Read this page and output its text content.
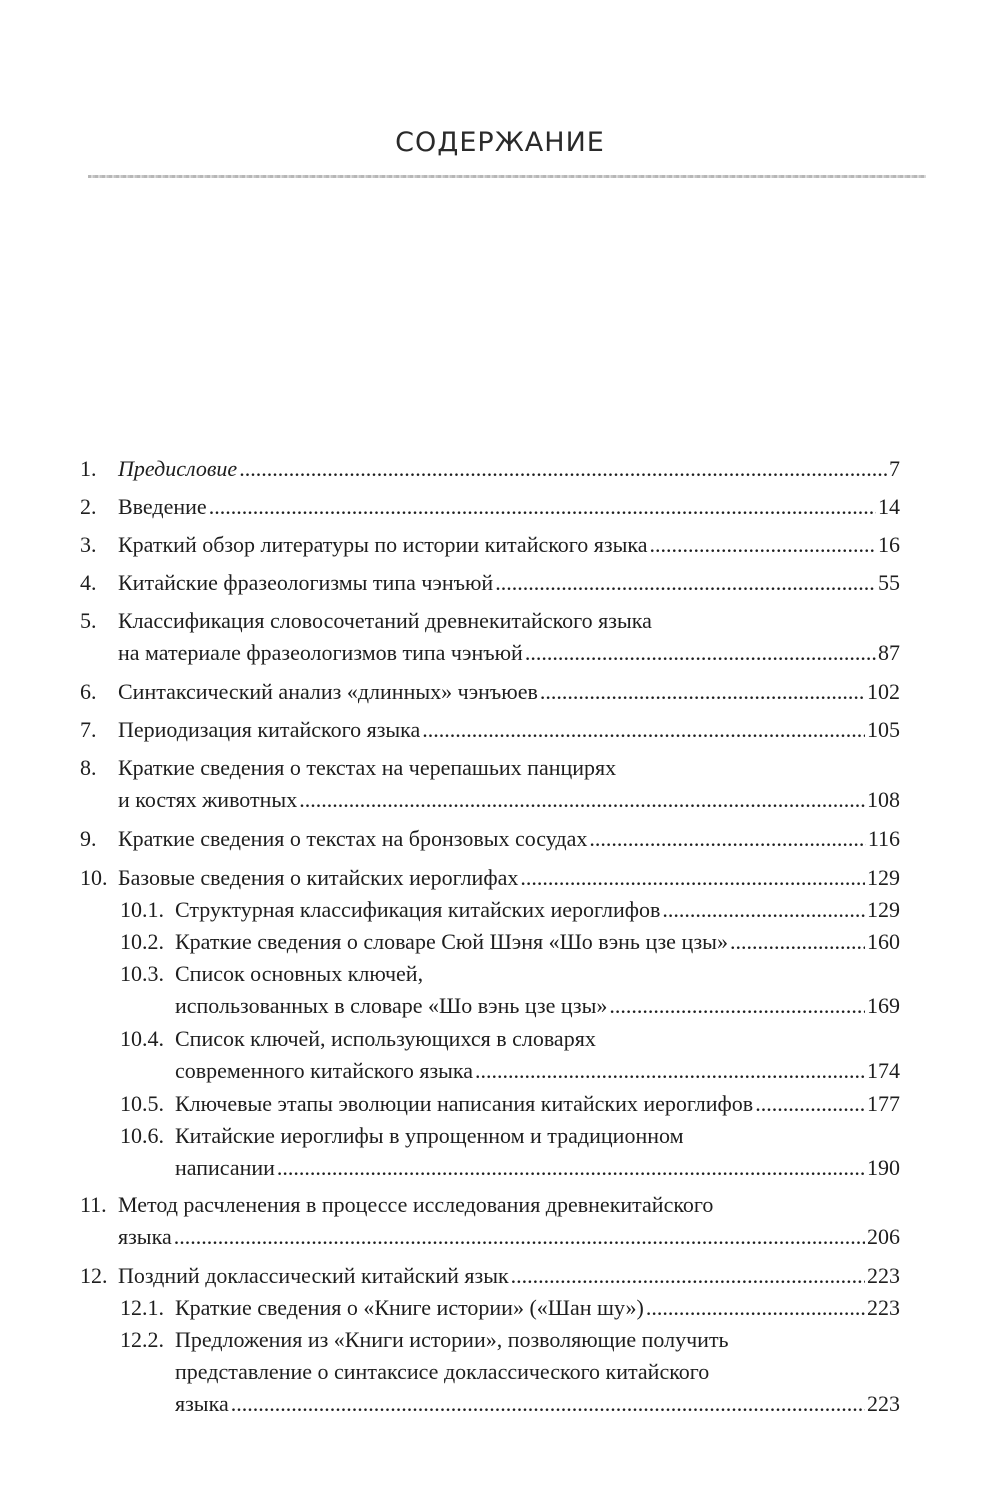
СОДЕРЖАНИЕ
1. Предисловие .....	7
2. Введение .....	14
3. Краткий обзор литературы по истории китайского языка .....	16
4. Китайские фразеологизмы типа чэнъюй .....	55
5. Классификация словосочетаний древнекитайского языка
на материале фразеологизмов типа чэнъюй .....	87
6. Синтаксический анализ «длинных» чэнъюев .....	102
7. Периодизация китайского языка .....	105
8. Краткие сведения о текстах на черепашьих панцирях
и костях животных .....	108
9. Краткие сведения о текстах на бронзовых сосудах .....	116
10. Базовые сведения о китайских иероглифах .....	129
10.1. Структурная классификация китайских иероглифов .....	129
10.2. Краткие сведения о словаре Сюй Шэня «Шо вэнь цзе цзы» .....	160
10.3. Список основных ключей,
использованных в словаре «Шо вэнь цзе цзы» .....	169
10.4. Список ключей, использующихся в словарях
современного китайского языка .....	174
10.5. Ключевые этапы эволюции написания китайских иероглифов .....	177
10.6. Китайские иероглифы в упрощенном и традиционном
написании .....	190
11. Метод расчленения в процессе исследования древнекитайского
языка .....	206
12. Поздний доклассический китайский язык .....	223
12.1. Краткие сведения о «Книге истории» («Шан шу») .....	223
12.2. Предложения из «Книги истории», позволяющие получить
представление о синтаксисе доклассического китайского
языка .....	223
